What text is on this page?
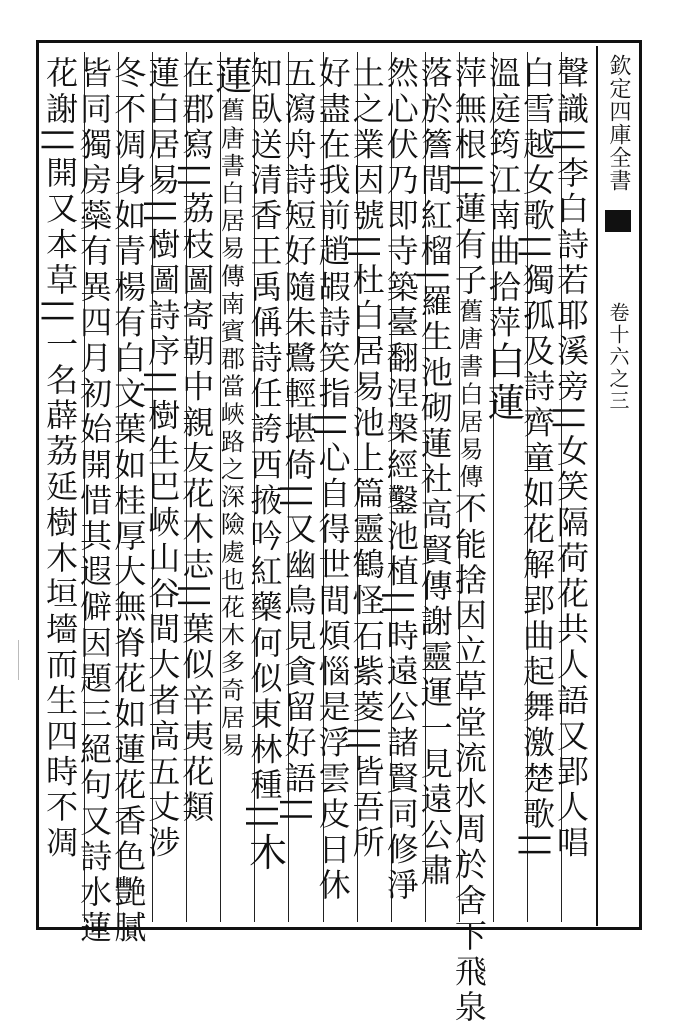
欽定四庫全書
卷十六之三
聲識||李白詩若耶溪旁||女笑隔荷花共人語又郢人唱
白雪越女歌||獨孤及詩齊童如花解郢曲起舞激楚歌||
溫庭筠江南曲拾萍白蓮
萍無根||蓮有子舊唐書白居易傳不能捨因立草堂流水周於舍下飛泉
落於簷間紅榴|羅生池砌蓮社高賢傳謝靈運一見遠公肅
然心伏乃即寺築臺翻涅槃經鑿池植||時遠公諸賢同修淨
土之業因號||杜白居易池上篇靈鶴怪石紫菱||皆吾所
好盡在我前趙嘏詩笑指||心自得世間煩惱是浮雲皮日休
五瀉舟詩短好隨朱鷺輕堪倚||又幽鳥見貪留好語||
知臥送清香王禹偁詩任誇西掖吟紅藥何似東林種||木
蓮舊唐書白居易傳南賓郡當峽路之深險處也花木多奇居易
在郡寫||荔枝圖寄朝中親友花木志||葉似辛夷花類
蓮白居易||樹圖詩序||樹生巴峽山谷間大者高五丈涉
冬不凋身如青楊有白文葉如桂厚大無脊花如蓮花香色艷膩
皆同獨房蘂有異四月初始開惜其遐僻因題三絕句又詩水蓮
花謝||開又本草||一名薜荔延樹木垣墻而生四時不凋
